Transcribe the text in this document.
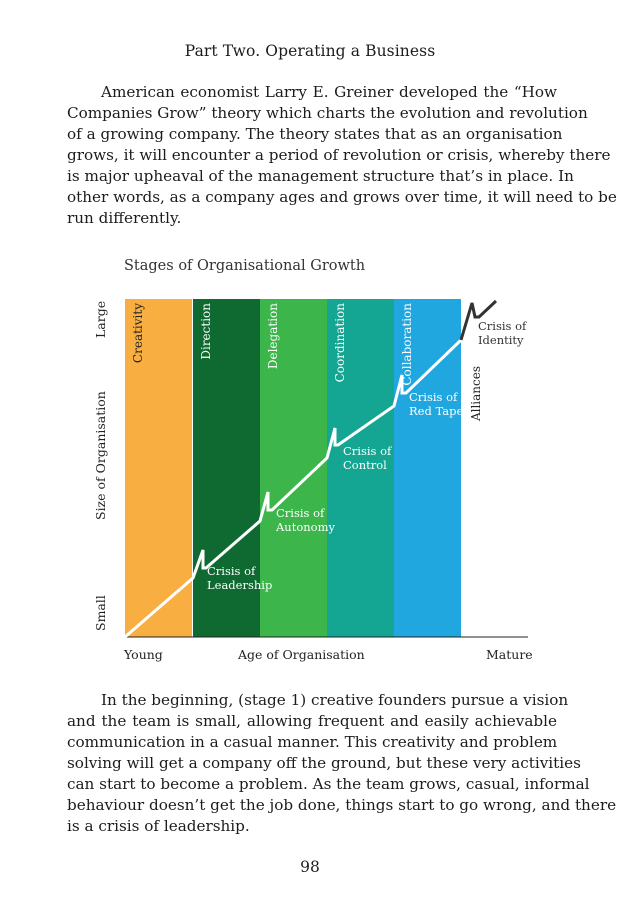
Part Two. Operating a Business
American economist Larry E. Greiner developed the “How
Companies Grow” theory which charts the evolution and revolution
of a growing company. The theory states that as an organisation
grows, it will encounter a period of revolution or crisis, whereby there
is major upheaval of the management structure that’s in place. In
other words, as a company ages and grows over time, it will need to be
run differently.
Stages of Organisational Growth
Creativity	Direction	Delegation	Coordination	Collaboration
Alliances
Crisis of
Leadership
Crisis of
Autonomy
Crisis of
Control
Crisis of
Red Tape
Crisis of
Identity
Young	Age of Organisation	Mature
Small
Size of Organisation
Large
In the beginning, (stage 1) creative founders pursue a vision
and the team is small, allowing frequent and easily achievable
communication in a casual manner. This creativity and problem
solving will get a company off the ground, but these very activities
can start to become a problem. As the team grows, casual, informal
behaviour doesn’t get the job done, things start to go wrong, and there
is a crisis of leadership.
98
